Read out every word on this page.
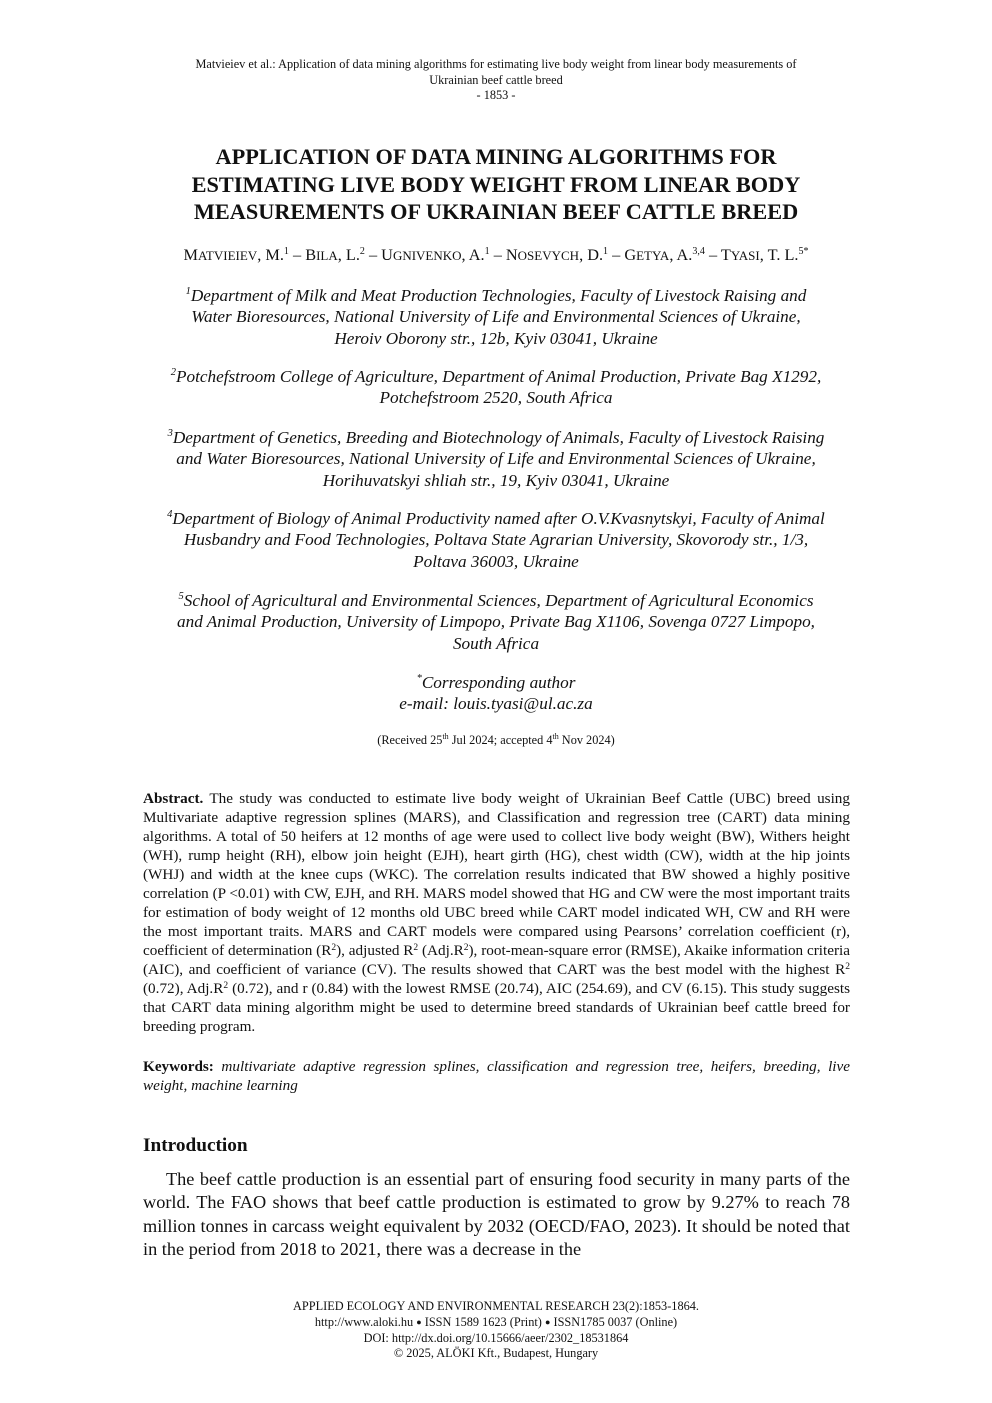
Matvieiev et al.: Application of data mining algorithms for estimating live body weight from linear body measurements of
Ukrainian beef cattle breed
- 1853 -
APPLICATION OF DATA MINING ALGORITHMS FOR
ESTIMATING LIVE BODY WEIGHT FROM LINEAR BODY
MEASUREMENTS OF UKRAINIAN BEEF CATTLE BREED
MATVIEIEV, M.$^1$ – BILA, L.$^2$ – UGNIVENKO, A.$^1$ – NOSEVYCH, D.$^1$ – GETYA, A.$^{3,4}$ – TYASI, T. L.$^{5*}$
$^1$Department of Milk and Meat Production Technologies, Faculty of Livestock Raising and
Water Bioresources, National University of Life and Environmental Sciences of Ukraine,
Heroiv Oborony str., 12b, Kyiv 03041, Ukraine
$^2$Potchefstroom College of Agriculture, Department of Animal Production, Private Bag X1292,
Potchefstroom 2520, South Africa
$^3$Department of Genetics, Breeding and Biotechnology of Animals, Faculty of Livestock Raising
and Water Bioresources, National University of Life and Environmental Sciences of Ukraine,
Horihuvatskyi shliah str., 19, Kyiv 03041, Ukraine
$^4$Department of Biology of Animal Productivity named after O.V.Kvasnytskyi, Faculty of Animal
Husbandry and Food Technologies, Poltava State Agrarian University, Skovorody str., 1/3,
Poltava 36003, Ukraine
$^5$School of Agricultural and Environmental Sciences, Department of Agricultural Economics
and Animal Production, University of Limpopo, Private Bag X1106, Sovenga 0727 Limpopo,
South Africa
*Corresponding author
e-mail: louis.tyasi@ul.ac.za
(Received 25th Jul 2024; accepted 4th Nov 2024)

Abstract. The study was conducted to estimate live body weight of Ukrainian Beef Cattle (UBC) breed using Multivariate adaptive regression splines (MARS), and Classification and regression tree (CART) data mining algorithms. A total of 50 heifers at 12 months of age were used to collect live body weight (BW), Withers height (WH), rump height (RH), elbow join height (EJH), heart girth (HG), chest width (CW), width at the hip joints (WHJ) and width at the knee cups (WKC). The correlation results indicated that BW showed a highly positive correlation (P <0.01) with CW, EJH, and RH. MARS model showed that HG and CW were the most important traits for estimation of body weight of 12 months old UBC breed while CART model indicated WH, CW and RH were the most important traits. MARS and CART models were compared using Pearsons’ correlation coefficient (r), coefficient of determination $(R^2)$, adjusted $R^2$ $(Adj.R^2)$, root-mean-square error (RMSE), Akaike information criteria (AIC), and coefficient of variance (CV). The results showed that CART was the best model with the highest $R^2$ (0.72), $Adj.R^2$ (0.72), and r (0.84) with the lowest RMSE (20.74), AIC (254.69), and CV (6.15). This study suggests that CART data mining algorithm might be used to determine breed standards of Ukrainian beef cattle breed for breeding program.

Keywords: multivariate adaptive regression splines, classification and regression tree, heifers, breeding, live weight, machine learning

Introduction

The beef cattle production is an essential part of ensuring food security in many parts of the world. The FAO shows that beef cattle production is estimated to grow by 9.27% to reach 78 million tonnes in carcass weight equivalent by 2032 (OECD/FAO, 2023). It should be noted that in the period from 2018 to 2021, there was a decrease in the

APPLIED ECOLOGY AND ENVIRONMENTAL RESEARCH 23(2):1853-1864.
http://www.aloki.hu ● ISSN 1589 1623 (Print) ● ISSN1785 0037 (Online)
DOI: http://dx.doi.org/10.15666/aeer/2302_18531864
© 2025, ALÖKI Kft., Budapest, Hungary
